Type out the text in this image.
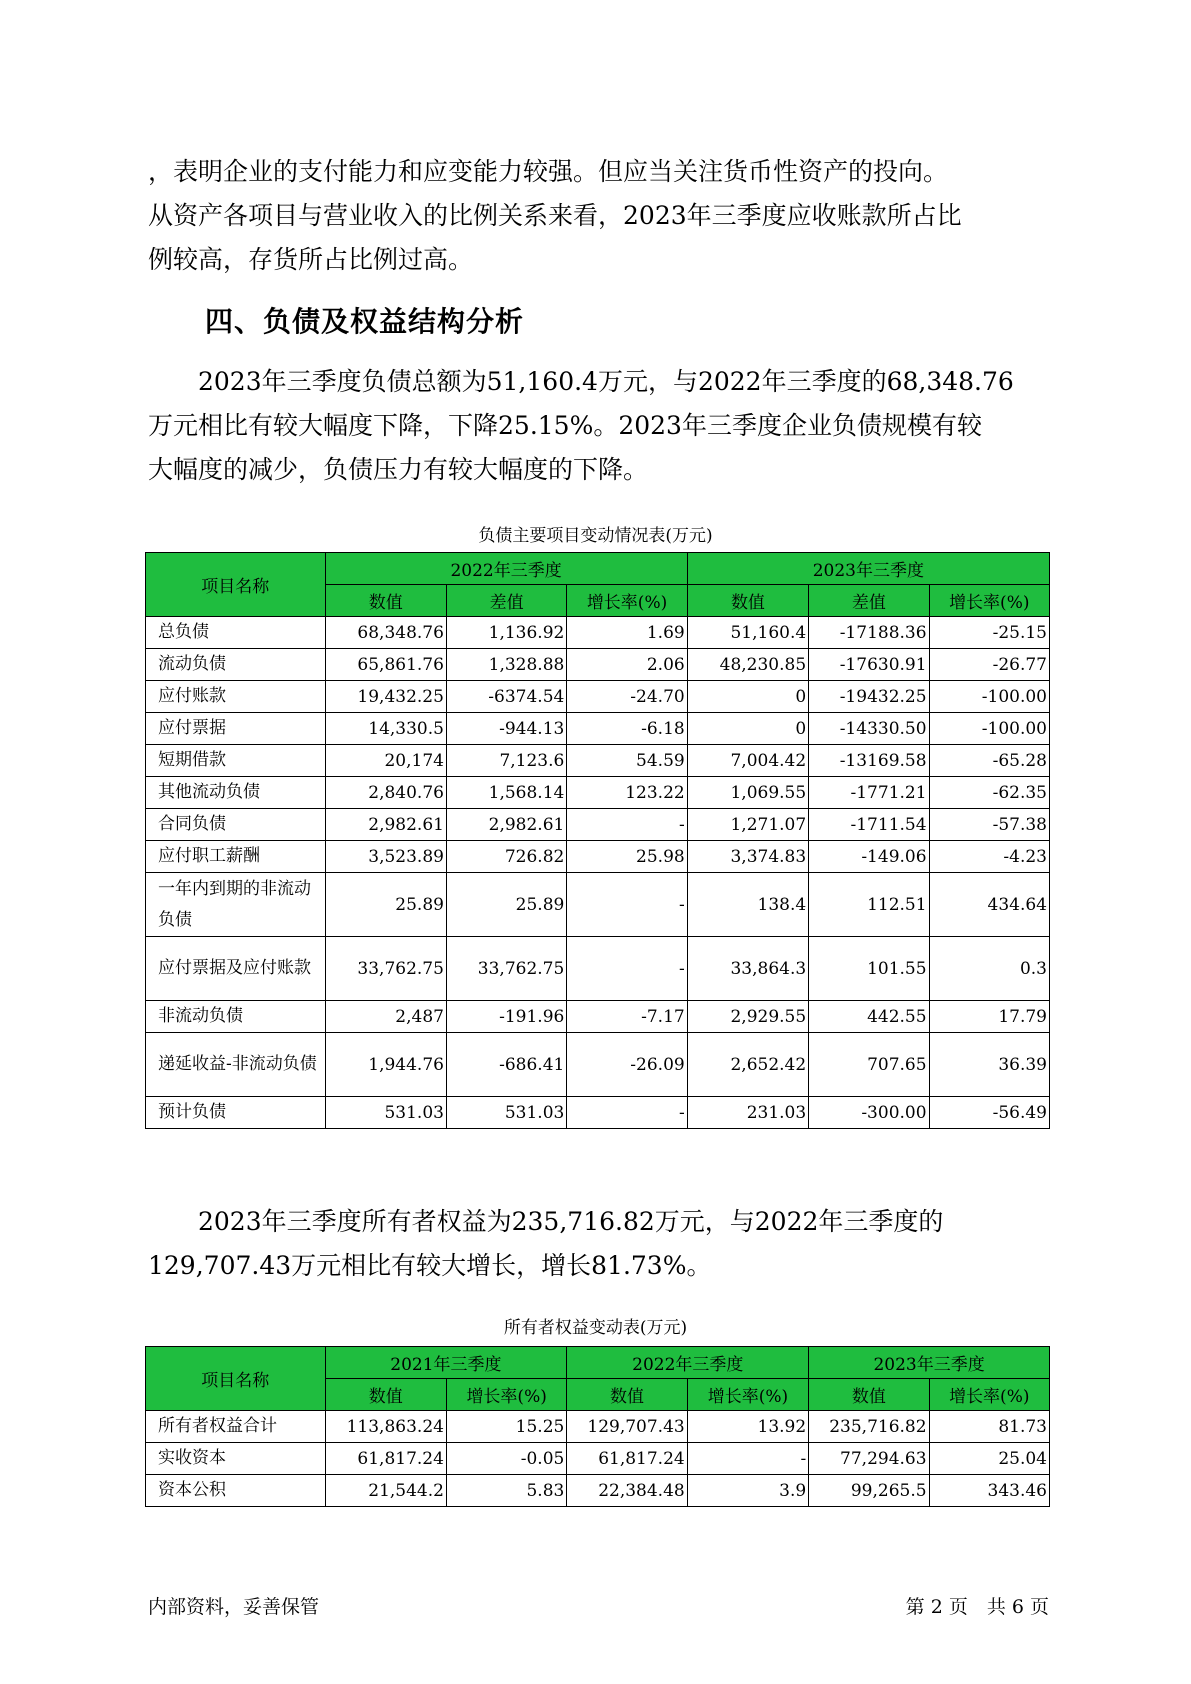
，表明企业的支付能力和应变能力较强。但应当关注货币性资产的投向。
从资产各项目与营业收入的比例关系来看，2023年三季度应收账款所占比
例较高，存货所占比例过高。

四、负债及权益结构分析

　　2023年三季度负债总额为51,160.4万元，与2022年三季度的68,348.76
万元相比有较大幅度下降，下降25.15%。2023年三季度企业负债规模有较
大幅度的减少，负债压力有较大幅度的下降。

负债主要项目变动情况表(万元)

项目名称	2022年三季度			2023年三季度		
	数值	差值	增长率(%)	数值	差值	增长率(%)
总负债	68,348.76	1,136.92	1.69	51,160.4	-17188.36	-25.15
流动负债	65,861.76	1,328.88	2.06	48,230.85	-17630.91	-26.77
应付账款	19,432.25	-6374.54	-24.70	0	-19432.25	-100.00
应付票据	14,330.5	-944.13	-6.18	0	-14330.50	-100.00
短期借款	20,174	7,123.6	54.59	7,004.42	-13169.58	-65.28
其他流动负债	2,840.76	1,568.14	123.22	1,069.55	-1771.21	-62.35
合同负债	2,982.61	2,982.61	-	1,271.07	-1711.54	-57.38
应付职工薪酬	3,523.89	726.82	25.98	3,374.83	-149.06	-4.23
一年内到期的非流动负债	25.89	25.89	-	138.4	112.51	434.64
应付票据及应付账款	33,762.75	33,762.75	-	33,864.3	101.55	0.3
非流动负债	2,487	-191.96	-7.17	2,929.55	442.55	17.79
递延收益-非流动负债	1,944.76	-686.41	-26.09	2,652.42	707.65	36.39
预计负债	531.03	531.03	-	231.03	-300.00	-56.49

　　2023年三季度所有者权益为235,716.82万元，与2022年三季度的
129,707.43万元相比有较大增长，增长81.73%。

所有者权益变动表(万元)

项目名称	2021年三季度		2022年三季度		2023年三季度	
	数值	增长率(%)	数值	增长率(%)	数值	增长率(%)
所有者权益合计	113,863.24	15.25	129,707.43	13.92	235,716.82	81.73
实收资本	61,817.24	-0.05	61,817.24	-	77,294.63	25.04
资本公积	21,544.2	5.83	22,384.48	3.9	99,265.5	343.46

内部资料，妥善保管	第 2 页　共 6 页
